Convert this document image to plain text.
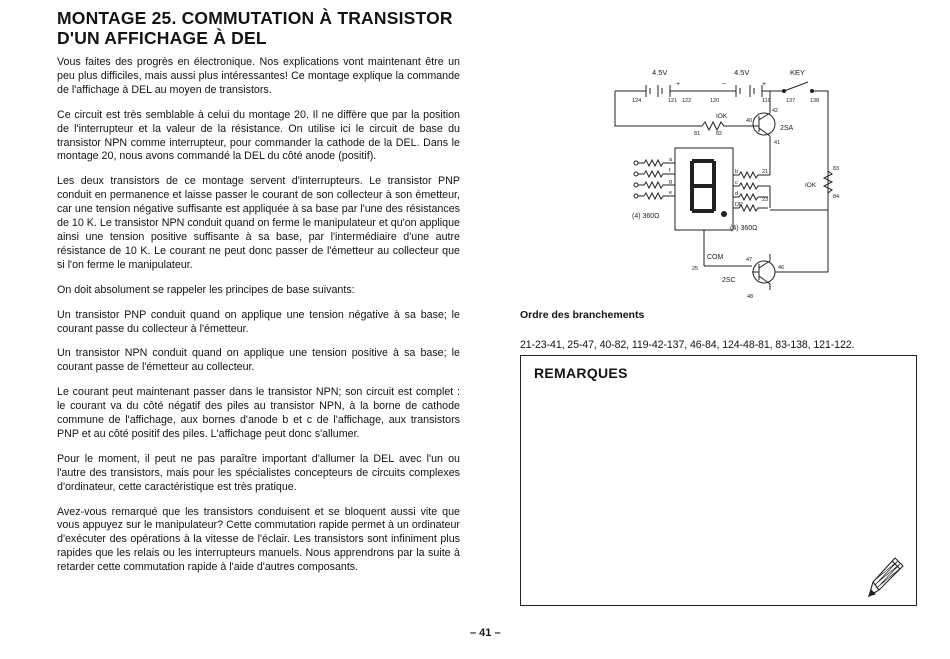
MONTAGE 25. COMMUTATION À TRANSISTOR
D'UN AFFICHAGE À DEL

Vous faites des progrès en électronique. Nos explications vont maintenant être un peu plus difficiles, mais aussi plus intéressantes! Ce montage explique la commande de l'affichage à DEL au moyen de transistors.

Ce circuit est très semblable à celui du montage 20. Il ne diffère que par la position de l'interrupteur et la valeur de la résistance. On utilise ici le circuit de base du transistor NPN comme interrupteur, pour commander la cathode de la DEL. Dans le montage 20, nous avons commandé la DEL du côté anode (positif).

Les deux transistors de ce montage servent d'interrupteurs. Le transistor PNP conduit en permanence et laisse passer le courant de son collecteur à son émetteur, car une tension négative suffisante est appliquée à sa base par l'une des résistances de 10 K. Le transistor NPN conduit quand on ferme le manipulateur et qu'on applique ainsi une tension positive suffisante à sa base, par l'intermédiaire d'une autre résistance de 10 K. Le courant ne peut donc passer de l'émetteur au collecteur que si l'on ferme le manipulateur.

On doit absolument se rappeler les principes de base suivants:

Un transistor PNP conduit quand on applique une tension négative à sa base; le courant passe du collecteur à l'émetteur.

Un transistor NPN conduit quand on applique une tension positive à sa base; le courant passe de l'émetteur au collecteur.

Le courant peut maintenant passer dans le transistor NPN; son circuit est complet : le courant va du côté négatif des piles au transistor NPN, à la borne de cathode commune de l'affichage, aux bornes d'anode b et c de l'affichage, aux transistors PNP et au côté positif des piles. L'affichage peut donc s'allumer.

Pour le moment, il peut ne pas paraître important d'allumer la DEL avec l'un ou l'autre des transistors, mais pour les spécialistes concepteurs de circuits complexes d'ordinateur, cette caractéristique est très pratique.

Avez-vous remarqué que les transistors conduisent et se bloquent aussi vite que vous appuyez sur le manipulateur? Cette commutation rapide permet à un ordinateur d'exécuter des opérations à la vitesse de l'éclair. Les transistors sont infiniment plus rapides que les relais ou les interrupteurs manuels. Nous apprendrons par la suite à retarder cette commutation rapide à l'aide d'autres composants.

4.5V	4.5V	KEY
+	−	+
124	121 122	120	119	137	138
81	82
42
40
41
83
84
25
47
46
48
21
23
a
f
g
e
b
c
d
DP
IOK
2SA
IOK
(4) 360Ω
(4) 360Ω
COM
2SC

Ordre des branchements

21-23-41, 25-47, 40-82, 119-42-137, 46-84, 124-48-81, 83-138, 121-122.

REMARQUES

– 41 –
